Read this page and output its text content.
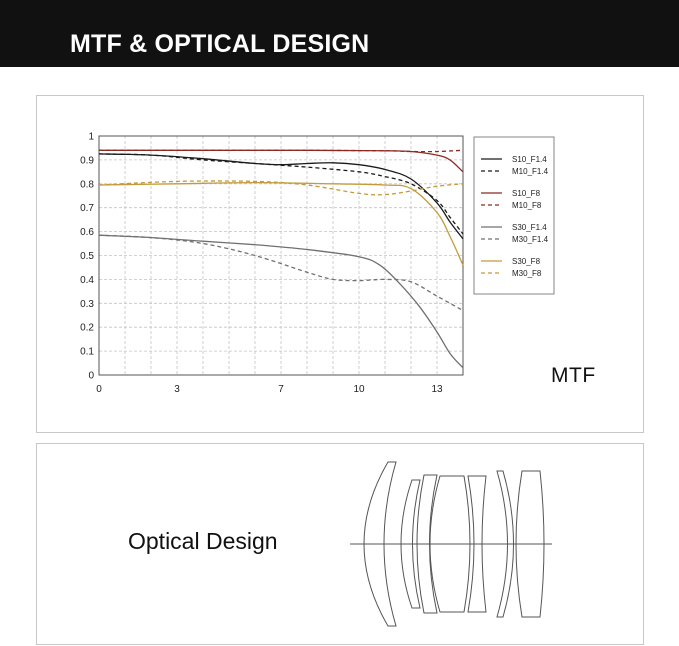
MTF & OPTICAL DESIGN
0
0.1
0.2
0.3
0.4
0.5
0.6
0.7
0.8
0.9
1
0	3	7	10	13
S10_F1.4
M10_F1.4
S10_F8
M10_F8
S30_F1.4
M30_F1.4
S30_F8
M30_F8
MTF
Optical Design
